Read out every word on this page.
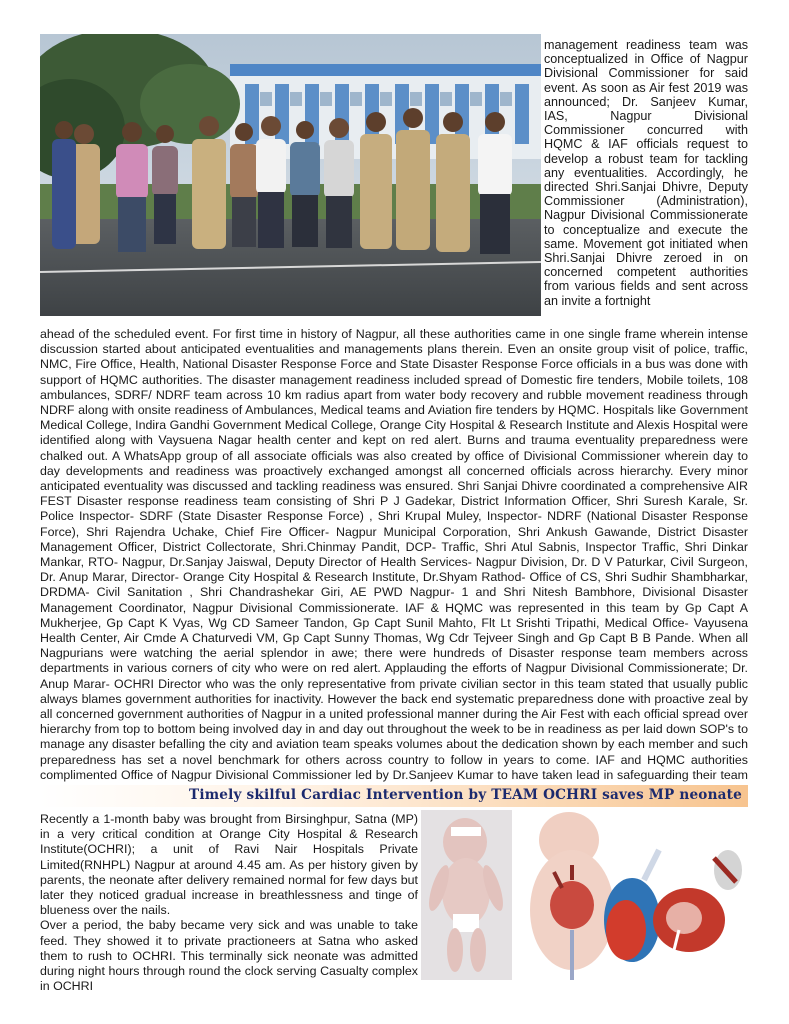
management readiness team was conceptualized in Office of Nagpur Divisional Commissioner for said event. As soon as Air fest 2019 was announced; Dr. Sanjeev Kumar, IAS, Nagpur Divisional Commissioner concurred with HQMC & IAF officials request to develop a robust team for tackling any eventualities. Accordingly, he directed Shri.Sanjai Dhivre, Deputy Commissioner (Administration), Nagpur Divisional Commissionerate to conceptualize and execute the same. Movement got initiated when Shri.Sanjai Dhivre zeroed in on concerned competent authorities from various fields and sent across an invite a fortnight

ahead of the scheduled event. For first time in history of Nagpur, all these authorities came in one single frame wherein intense discussion started about anticipated eventualities and managements plans therein. Even an onsite group visit of police, traffic, NMC, Fire Office, Health, National Disaster Response Force and State Disaster Response Force officials in a bus was done with support of HQMC authorities. The disaster management readiness included spread of Domestic fire tenders, Mobile toilets, 108 ambulances, SDRF/ NDRF team across 10 km radius apart from water body recovery and rubble movement readiness through NDRF along with onsite readiness of Ambulances, Medical teams and Aviation fire tenders by HQMC. Hospitals like Government Medical College, Indira Gandhi Government Medical College, Orange City Hospital & Research Institute and Alexis Hospital were identified along with Vaysuena Nagar health center and kept on red alert. Burns and trauma eventuality preparedness were chalked out. A WhatsApp group of all associate officials was also created by office of Divisional Commissioner wherein day to day developments and readiness was proactively exchanged amongst all concerned officials across hierarchy. Every minor anticipated eventuality was discussed and tackling readiness was ensured. Shri Sanjai Dhivre coordinated a comprehensive AIR FEST Disaster response readiness team consisting of Shri P J Gadekar, District Information Officer, Shri Suresh Karale, Sr. Police Inspector- SDRF (State Disaster Response Force) , Shri Krupal Muley, Inspector- NDRF (National Disaster Response Force), Shri Rajendra Uchake, Chief Fire Officer- Nagpur Municipal Corporation, Shri Ankush Gawande, District Disaster Management Officer, District Collectorate, Shri.Chinmay Pandit, DCP- Traffic, Shri Atul Sabnis, Inspector Traffic, Shri Dinkar Mankar, RTO- Nagpur, Dr.Sanjay Jaiswal, Deputy Director of Health Services- Nagpur Division, Dr. D V Paturkar, Civil Surgeon, Dr. Anup Marar, Director- Orange City Hospital & Research Institute, Dr.Shyam Rathod- Office of CS, Shri Sudhir Shambharkar, DRDMA- Civil Sanitation , Shri Chandrashekar Giri, AE PWD Nagpur- 1 and Shri Nitesh Bambhore, Divisional Disaster Management Coordinator, Nagpur Divisional Commissionerate. IAF & HQMC was represented in this team by Gp Capt A Mukherjee, Gp Capt K Vyas, Wg CD Sameer Tandon, Gp Capt Sunil Mahto, Flt Lt Srishti Tripathi, Medical Office- Vayusena Health Center, Air Cmde A Chaturvedi VM, Gp Capt Sunny Thomas, Wg Cdr Tejveer Singh and Gp Capt B B Pande. When all Nagpurians were watching the aerial splendor in awe; there were hundreds of Disaster response team members across departments in various corners of city who were on red alert. Applauding the efforts of Nagpur Divisional Commissionerate; Dr. Anup Marar- OCHRI Director who was the only representative from private civilian sector in this team stated that usually public always blames government authorities for inactivity. However the back end systematic preparedness done with proactive zeal by all concerned government authorities of Nagpur in a united professional manner during the Air Fest with each official spread over hierarchy from top to bottom being involved day in and day out throughout the week to be in readiness as per laid down SOP's to manage any disaster befalling the city and aviation team speaks volumes about the dedication shown by each member and such preparedness has set a novel benchmark for others across country to follow in years to come. IAF and HQMC authorities complimented Office of Nagpur Divisional Commissioner led by Dr.Sanjeev Kumar to have taken lead in safeguarding their team

Timely skilful Cardiac Intervention by TEAM OCHRI saves MP neonate

Recently a 1-month baby was brought from Birsinghpur, Satna (MP) in a very critical condition at Orange City Hospital & Research Institute(OCHRI); a unit of Ravi Nair Hospitals Private Limited(RNHPL) Nagpur at around 4.45 am. As per history given by parents, the neonate after delivery remained normal for few days but later they noticed gradual increase in breathlessness and tinge of blueness over the nails.

Over a period, the baby became very sick and was unable to take feed. They showed it to private practioneers at Satna who asked them to rush to OCHRI. This terminally sick neonate was admitted during night hours through round the clock serving Casualty complex in OCHRI
